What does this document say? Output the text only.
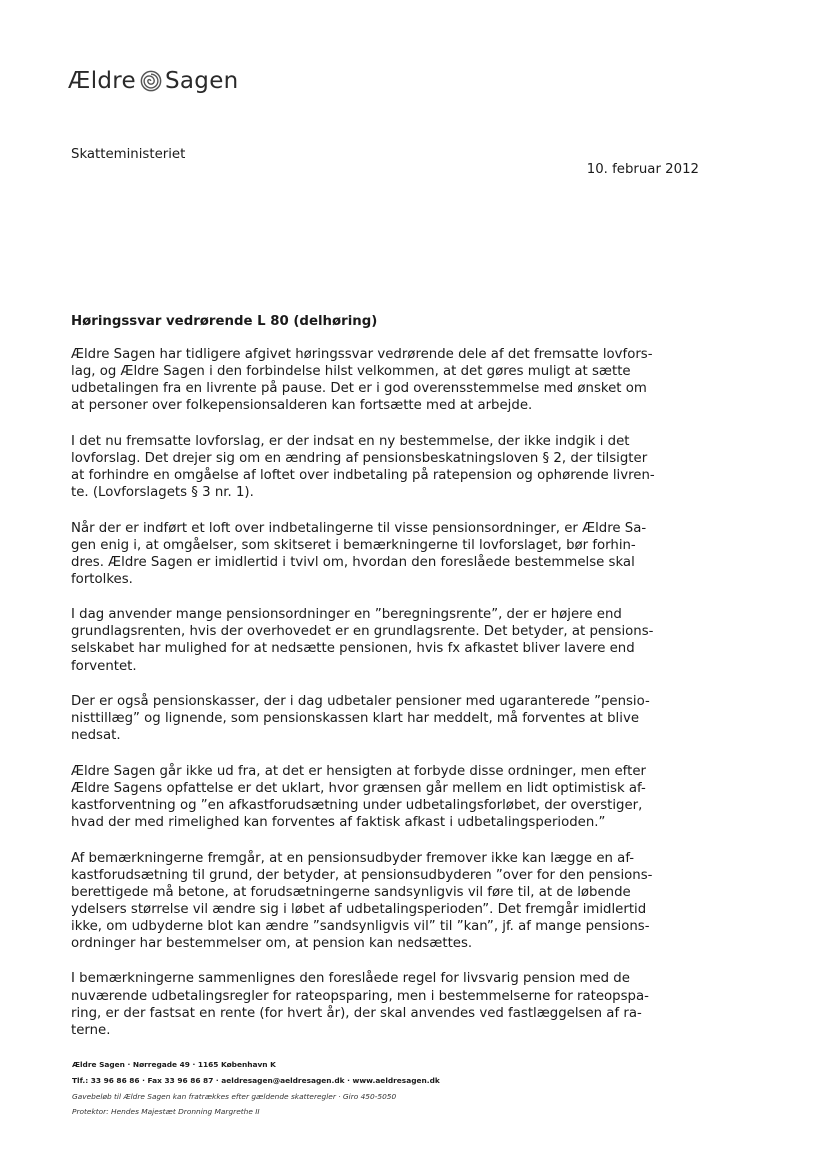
Ældre Sagen
Skatteministeriet
10. februar 2012
Høringssvar vedrørende L 80 (delhøring)
Ældre Sagen har tidligere afgivet høringssvar vedrørende dele af det fremsatte lovfors-
lag, og Ældre Sagen i den forbindelse hilst velkommen, at det gøres muligt at sætte
udbetalingen fra en livrente på pause. Det er i god overensstemmelse med ønsket om
at personer over folkepensionsalderen kan fortsætte med at arbejde.
I det nu fremsatte lovforslag, er der indsat en ny bestemmelse, der ikke indgik i det
lovforslag. Det drejer sig om en ændring af pensionsbeskatningsloven § 2, der tilsigter
at forhindre en omgåelse af loftet over indbetaling på ratepension og ophørende livren-
te. (Lovforslagets § 3 nr. 1).
Når der er indført et loft over indbetalingerne til visse pensionsordninger, er Ældre Sa-
gen enig i, at omgåelser, som skitseret i bemærkningerne til lovforslaget, bør forhin-
dres. Ældre Sagen er imidlertid i tvivl om, hvordan den foreslåede bestemmelse skal
fortolkes.
I dag anvender mange pensionsordninger en ”beregningsrente”, der er højere end
grundlagsrenten, hvis der overhovedet er en grundlagsrente. Det betyder, at pensions-
selskabet har mulighed for at nedsætte pensionen, hvis fx afkastet bliver lavere end
forventet.
Der er også pensionskasser, der i dag udbetaler pensioner med ugaranterede ”pensio-
nisttillæg” og lignende, som pensionskassen klart har meddelt, må forventes at blive
nedsat.
Ældre Sagen går ikke ud fra, at det er hensigten at forbyde disse ordninger, men efter
Ældre Sagens opfattelse er det uklart, hvor grænsen går mellem en lidt optimistisk af-
kastforventning og ”en afkastforudsætning under udbetalingsforløbet, der overstiger,
hvad der med rimelighed kan forventes af faktisk afkast i udbetalingsperioden.”
Af bemærkningerne fremgår, at en pensionsudbyder fremover ikke kan lægge en af-
kastforudsætning til grund, der betyder, at pensionsudbyderen ”over for den pensions-
berettigede må betone, at forudsætningerne sandsynligvis vil føre til, at de løbende
ydelsers størrelse vil ændre sig i løbet af udbetalingsperioden”. Det fremgår imidlertid
ikke, om udbyderne blot kan ændre ”sandsynligvis vil” til ”kan”, jf. af mange pensions-
ordninger har bestemmelser om, at pension kan nedsættes.
I bemærkningerne sammenlignes den foreslåede regel for livsvarig pension med de
nuværende udbetalingsregler for rateopsparing, men i bestemmelserne for rateopspa-
ring, er der fastsat en rente (for hvert år), der skal anvendes ved fastlæggelsen af ra-
terne.
Ældre Sagen · Nørregade 49 · 1165 København K
Tlf.: 33 96 86 86 · Fax 33 96 86 87 · aeldresagen@aeldresagen.dk · www.aeldresagen.dk
Gavebeløb til Ældre Sagen kan fratrækkes efter gældende skatteregler · Giro 450-5050
Protektor: Hendes Majestæt Dronning Margrethe II
